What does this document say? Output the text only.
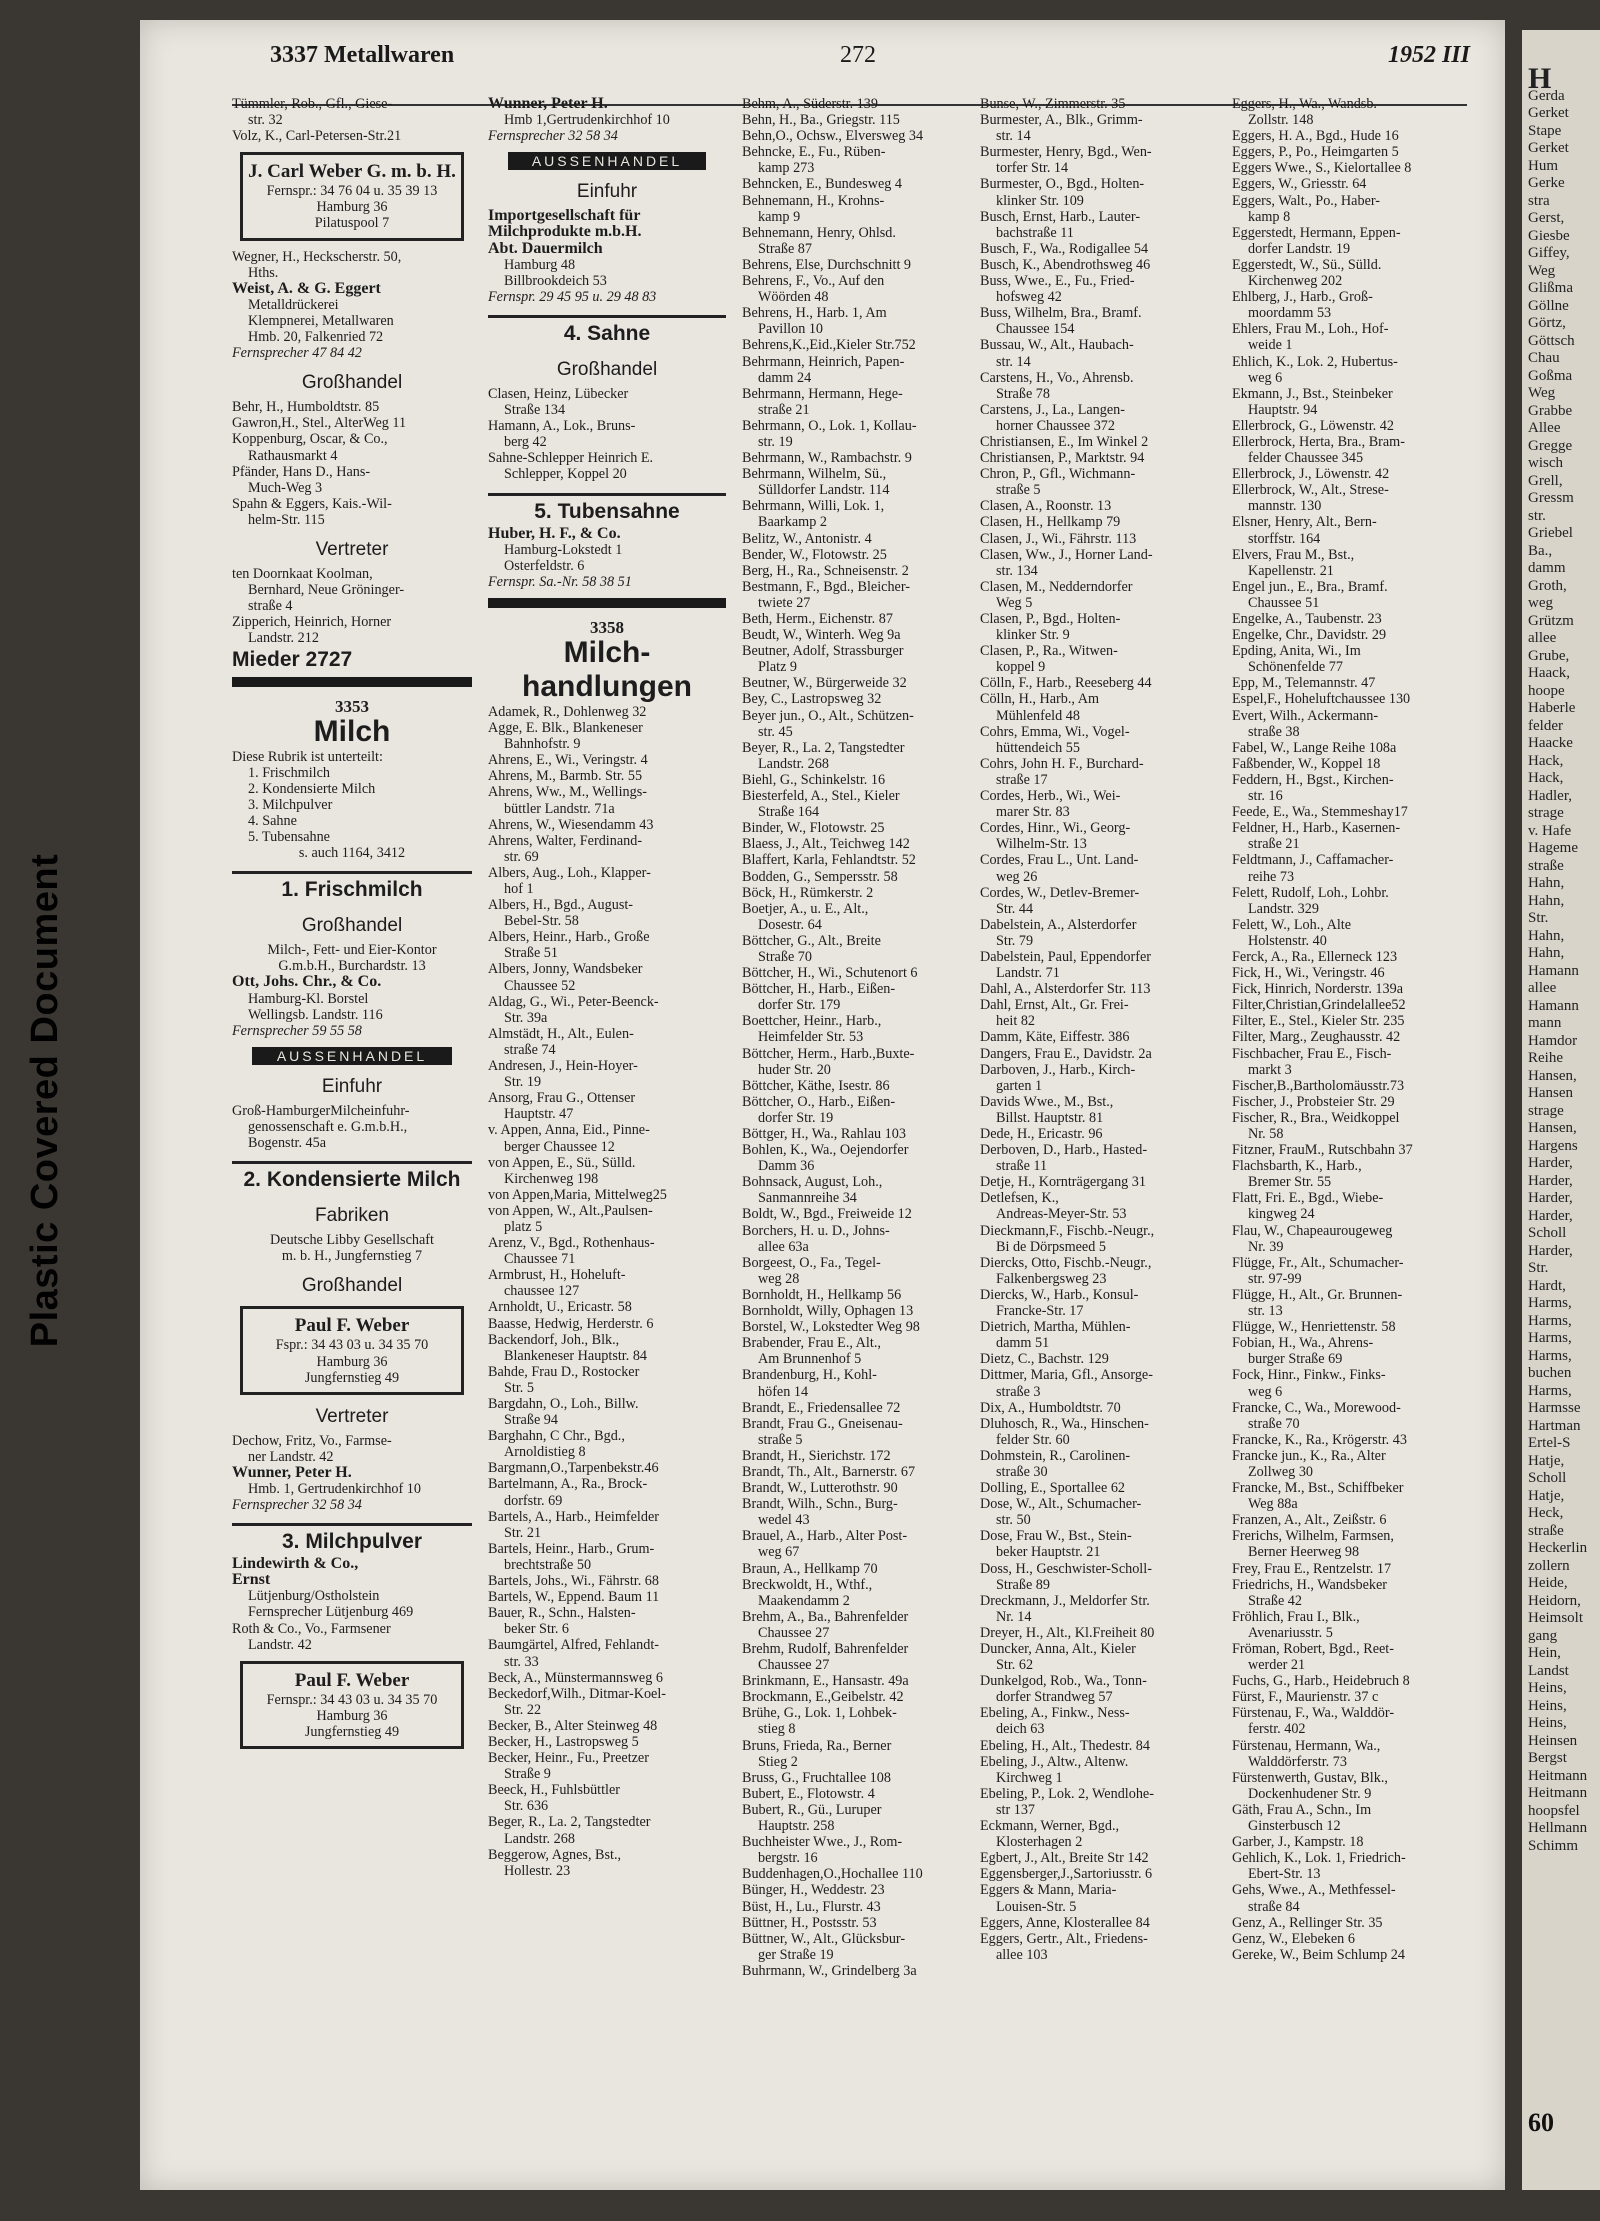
Plastic Covered Document
H
Gerda
Gerket
Stape
Gerket
Hum
Gerke
stra
Gerst,
Giesbe
Giffey,
Weg
Glißma
Göllne
Görtz,
Göttsch
Chau
Goßma
Weg
Grabbe
Allee
Gregge
wisch
Grell,
Gressm
str.
Griebel
Ba.,
damm
Groth,
weg
Grützm
allee
Grube,
Haack,
hoope
Haberle
felder
Haacke
Hack,
Hack,
Hadler,
strage
v. Hafe
Hageme
straße
Hahn,
Hahn,
Str.
Hahn,
Hahn,
Hamann
allee
Hamann
mann
Hamdor
Reihe
Hansen,
Hansen
strage
Hansen,
Hargens
Harder,
Harder,
Harder,
Harder,
Scholl
Harder,
Str.
Hardt,
Harms,
Harms,
Harms,
Harms,
buchen
Harms,
Harmsse
Hartman
Ertel-S
Hatje,
Scholl
Hatje,
Heck,
straße
Heckerlin
zollern
Heide,
Heidorn,
Heimsolt
gang
Hein,
Landst
Heins,
Heins,
Heins,
Heinsen
Bergst
Heitmann
Heitmann
hoopsfel
Hellmann
Schimm
3337 Metallwaren	272	1952 III
Tümmler, Rob., Gfl., Giese-
str. 32
Volz, K., Carl-Petersen-Str.21
J. Carl Weber G. m. b. H.
Fernspr.: 34 76 04 u. 35 39 13
Hamburg 36
Pilatuspool 7
Wegner, H., Heckscherstr. 50,
Hths.
Weist, A. & G. Eggert
Metalldrückerei
Klempnerei, Metallwaren
Hmb. 20, Falkenried 72
Fernsprecher 47 84 42
Großhandel
Behr, H., Humboldtstr. 85
Gawron,H., Stel., AlterWeg 11
Koppenburg, Oscar, & Co.,
Rathausmarkt 4
Pfänder, Hans D., Hans-
Much-Weg 3
Spahn & Eggers, Kais.-Wil-
helm-Str. 115
Vertreter
ten Doornkaat Koolman,
Bernhard, Neue Gröninger-
straße 4
Zipperich, Heinrich, Horner
Landstr. 212
Mieder 2727
3353
Milch
Diese Rubrik ist unterteilt:
1. Frischmilch
2. Kondensierte Milch
3. Milchpulver
4. Sahne
5. Tubensahne
s. auch 1164, 3412
1. Frischmilch
Großhandel
Milch-, Fett- und Eier-Kontor
G.m.b.H., Burchardstr. 13
Ott, Johs. Chr., & Co.
Hamburg-Kl. Borstel
Wellingsb. Landstr. 116
Fernsprecher 59 55 58
AUSSENHANDEL
Einfuhr
Groß-HamburgerMilcheinfuhr-
genossenschaft e. G.m.b.H.,
Bogenstr. 45a
2. Kondensierte Milch
Fabriken
Deutsche Libby Gesellschaft
m. b. H., Jungfernstieg 7
Großhandel
Paul F. Weber
Fspr.: 34 43 03 u. 34 35 70
Hamburg 36
Jungfernstieg 49
Vertreter
Dechow, Fritz, Vo., Farmsе-
ner Landstr. 42
Wunner, Peter H.
Hmb. 1, Gertrudenkirchhof 10
Fernsprecher 32 58 34
3. Milchpulver
Lindewirth & Co.,
Ernst
Lütjenburg/Ostholstein
Fernsprecher Lütjenburg 469
Roth & Co., Vo., Farmsener
Landstr. 42
Paul F. Weber
Fernspr.: 34 43 03 u. 34 35 70
Hamburg 36
Jungfernstieg 49
Wunner, Peter H.
Hmb 1,Gertrudenkirchhof 10
Fernsprecher 32 58 34
AUSSENHANDEL
Einfuhr
Importgesellschaft für
Milchprodukte m.b.H.
Abt. Dauermilch
Hamburg 48
Billbrookdeich 53
Fernspr. 29 45 95 u. 29 48 83
4. Sahne
Großhandel
Clasen, Heinz, Lübecker
Straße 134
Hamann, A., Lok., Bruns-
berg 42
Sahne-Schlepper Heinrich E.
Schlepper, Koppel 20
5. Tubensahne
Huber, H. F., & Co.
Hamburg-Lokstedt 1
Osterfeldstr. 6
Fernspr. Sa.-Nr. 58 38 51
3358
Milch-
handlungen
Adamek, R., Dohlenweg 32
Agge, E. Blk., Blankeneser
Bahnhofstr. 9
Ahrens, E., Wi., Veringstr. 4
Ahrens, M., Barmb. Str. 55
Ahrens, Ww., M., Wellings-
büttler Landstr. 71a
Ahrens, W., Wiesendamm 43
Ahrens, Walter, Ferdinand-
str. 69
Albers, Aug., Loh., Klapper-
hof 1
Albers, H., Bgd., August-
Bebel-Str. 58
Albers, Heinr., Harb., Große
Straße 51
Albers, Jonny, Wandsbeker
Chaussee 52
Aldag, G., Wi., Peter-Beenck-
Str. 39a
Almstädt, H., Alt., Eulen-
straße 74
Andresen, J., Hein-Hoyer-
Str. 19
Ansorg, Frau G., Ottenser
Hauptstr. 47
v. Appen, Anna, Eid., Pinne-
berger Chaussee 12
von Appen, E., Sü., Sülld.
Kirchenweg 198
von Appen,Maria, Mittelweg25
von Appen, W., Alt.,Paulsen-
platz 5
Arenz, V., Bgd., Rothenhaus-
Chaussee 71
Armbrust, H., Hoheluft-
chaussee 127
Arnholdt, U., Ericastr. 58
Baasse, Hedwig, Herderstr. 6
Backendorf, Joh., Blk.,
Blankeneser Hauptstr. 84
Bahde, Frau D., Rostocker
Str. 5
Bargdahn, O., Loh., Billw.
Straße 94
Barghahn, C Chr., Bgd.,
Arnoldistieg 8
Bargmann,O.,Tarpenbekstr.46
Bartelmann, A., Ra., Brock-
dorfstr. 69
Bartels, A., Harb., Heimfelder
Str. 21
Bartels, Heinr., Harb., Grum-
brechtstraße 50
Bartels, Johs., Wi., Fährstr. 68
Bartels, W., Eppend. Baum 11
Bauer, R., Schn., Halsten-
beker Str. 6
Baumgärtel, Alfred, Fehlandt-
str. 33
Beck, A., Münstermannsweg 6
Beckedorf,Wilh., Ditmar-Koel-
Str. 22
Becker, B., Alter Steinweg 48
Becker, H., Lastropsweg 5
Becker, Heinr., Fu., Preetzer
Straße 9
Beeck, H., Fuhlsbüttler
Str. 636
Beger, R., La. 2, Tangstedter
Landstr. 268
Beggerow, Agnes, Bst.,
Hollestr. 23
Behm, A., Süderstr. 139
Behn, H., Ba., Griegstr. 115
Behn,O., Ochsw., Elversweg 34
Behncke, E., Fu., Rüben-
kamp 273
Behncken, E., Bundesweg 4
Behnemann, H., Krohns-
kamp 9
Behnemann, Henry, Ohlsd.
Straße 87
Behrens, Else, Durchschnitt 9
Behrens, F., Vo., Auf den
Wöörden 48
Behrens, H., Harb. 1, Am
Pavillon 10
Behrens,K.,Eid.,Kieler Str.752
Behrmann, Heinrich, Papen-
damm 24
Behrmann, Hermann, Hege-
straße 21
Behrmann, O., Lok. 1, Kollau-
str. 19
Behrmann, W., Rambachstr. 9
Behrmann, Wilhelm, Sü.,
Sülldorfer Landstr. 114
Behrmann, Willi, Lok. 1,
Baarkamp 2
Belitz, W., Antonistr. 4
Bender, W., Flotowstr. 25
Berg, H., Ra., Schneisenstr. 2
Bestmann, F., Bgd., Bleicher-
twiete 27
Beth, Herm., Eichenstr. 87
Beudt, W., Winterh. Weg 9a
Beutner, Adolf, Strassburger
Platz 9
Beutner, W., Bürgerweide 32
Bey, C., Lastropsweg 32
Beyer jun., O., Alt., Schützen-
str. 45
Beyer, R., La. 2, Tangstedter
Landstr. 268
Biehl, G., Schinkelstr. 16
Biesterfeld, A., Stel., Kieler
Straße 164
Binder, W., Flotowstr. 25
Blaess, J., Alt., Teichweg 142
Blaffert, Karla, Fehlandtstr. 52
Bodden, G., Sempersstr. 58
Böck, H., Rümkerstr. 2
Boetjer, A., u. E., Alt.,
Dosestr. 64
Böttcher, G., Alt., Breite
Straße 70
Böttcher, H., Wi., Schutenort 6
Böttcher, H., Harb., Eißen-
dorfer Str. 179
Boettcher, Heinr., Harb.,
Heimfelder Str. 53
Böttcher, Herm., Harb.,Buxte-
huder Str. 20
Böttcher, Käthe, Isestr. 86
Böttcher, O., Harb., Eißen-
dorfer Str. 19
Böttger, H., Wa., Rahlau 103
Bohlen, K., Wa., Oejendorfer
Damm 36
Bohnsack, August, Loh.,
Sanmannreihe 34
Boldt, W., Bgd., Freiweide 12
Borchers, H. u. D., Johns-
allee 63a
Borgeest, O., Fa., Tegel-
weg 28
Bornholdt, H., Hellkamp 56
Bornholdt, Willy, Ophagen 13
Borstel, W., Lokstedter Weg 98
Brabender, Frau E., Alt.,
Am Brunnenhof 5
Brandenburg, H., Kohl-
höfen 14
Brandt, E., Friedensallee 72
Brandt, Frau G., Gneisenau-
straße 5
Brandt, H., Sierichstr. 172
Brandt, Th., Alt., Barnerstr. 67
Brandt, W., Lutterothstr. 90
Brandt, Wilh., Schn., Burg-
wedel 43
Brauel, A., Harb., Alter Post-
weg 67
Braun, A., Hellkamp 70
Breckwoldt, H., Wthf.,
Maakendamm 2
Brehm, A., Ba., Bahrenfelder
Chaussee 27
Brehm, Rudolf, Bahrenfelder
Chaussee 27
Brinkmann, E., Hansastr. 49a
Brockmann, E.,Geibelstr. 42
Brühe, G., Lok. 1, Lohbek-
stieg 8
Bruns, Frieda, Ra., Berner
Stieg 2
Bruss, G., Fruchtallee 108
Bubert, E., Flotowstr. 4
Bubert, R., Gü., Luruper
Hauptstr. 258
Buchheister Wwe., J., Rom-
bergstr. 16
Buddenhagen,O.,Hochallee 110
Bünger, H., Weddestr. 23
Büst, H., Lu., Flurstr. 43
Büttner, H., Postsstr. 53
Büttner, W., Alt., Glücksbur-
ger Straße 19
Buhrmann, W., Grindelberg 3a
Bunse, W., Zimmerstr. 35
Burmester, A., Blk., Grimm-
str. 14
Burmester, Henry, Bgd., Wen-
torfer Str. 14
Burmester, O., Bgd., Holten-
klinker Str. 109
Busch, Ernst, Harb., Lauter-
bachstraße 11
Busch, F., Wa., Rodigallee 54
Busch, K., Abendrothsweg 46
Buss, Wwe., E., Fu., Fried-
hofsweg 42
Buss, Wilhelm, Bra., Bramf.
Chaussee 154
Bussau, W., Alt., Haubach-
str. 14
Carstens, H., Vo., Ahrensb.
Straße 78
Carstens, J., La., Langen-
horner Chaussee 372
Christiansen, E., Im Winkel 2
Christiansen, P., Marktstr. 94
Chron, P., Gfl., Wichmann-
straße 5
Clasen, A., Roonstr. 13
Clasen, H., Hellkamp 79
Clasen, J., Wi., Fährstr. 113
Clasen, Ww., J., Horner Land-
str. 134
Clasen, M., Nedderndorfer
Weg 5
Clasen, P., Bgd., Holten-
klinker Str. 9
Clasen, P., Ra., Witwen-
koppel 9
Cölln, F., Harb., Reeseberg 44
Cölln, H., Harb., Am
Mühlenfeld 48
Cohrs, Emma, Wi., Vogel-
hüttendeich 55
Cohrs, John H. F., Burchard-
straße 17
Cordes, Herb., Wi., Wei-
marer Str. 83
Cordes, Hinr., Wi., Georg-
Wilhelm-Str. 13
Cordes, Frau L., Unt. Land-
weg 26
Cordes, W., Detlev-Bremer-
Str. 44
Dabelstein, A., Alsterdorfer
Str. 79
Dabelstein, Paul, Eppendorfer
Landstr. 71
Dahl, A., Alsterdorfer Str. 113
Dahl, Ernst, Alt., Gr. Frei-
heit 82
Damm, Käte, Eiffestr. 386
Dangers, Frau E., Davidstr. 2a
Darboven, J., Harb., Kirch-
garten 1
Davids Wwe., M., Bst.,
Billst. Hauptstr. 81
Dede, H., Ericastr. 96
Derboven, D., Harb., Hasted-
straße 11
Detje, H., Kornträgergang 31
Detlefsen, K.,
Andreas-Meyer-Str. 53
Dieckmann,F., Fischb.-Neugr.,
Bi de Dörpsmeed 5
Diercks, Otto, Fischb.-Neugr.,
Falkenbergsweg 23
Diercks, W., Harb., Konsul-
Francke-Str. 17
Dietrich, Martha, Mühlen-
damm 51
Dietz, C., Bachstr. 129
Dittmer, Maria, Gfl., Ansorge-
straße 3
Dix, A., Humboldtstr. 70
Dluhosch, R., Wa., Hinschen-
felder Str. 60
Dohmstein, R., Carolinen-
straße 30
Dolling, E., Sportallee 62
Dose, W., Alt., Schumacher-
str. 50
Dose, Frau W., Bst., Stein-
beker Hauptstr. 21
Doss, H., Geschwister-Scholl-
Straße 89
Dreckmann, J., Meldorfer Str.
Nr. 14
Dreyer, H., Alt., Kl.Freiheit 80
Duncker, Anna, Alt., Kieler
Str. 62
Dunkelgod, Rob., Wa., Tonn-
dorfer Strandweg 57
Ebeling, A., Finkw., Ness-
deich 63
Ebeling, H., Alt., Thedestr. 84
Ebeling, J., Altw., Altenw.
Kirchweg 1
Ebeling, P., Lok. 2, Wendlohe-
str 137
Eckmann, Werner, Bgd.,
Klosterhagen 2
Egbert, J., Alt., Breite Str 142
Eggensberger,J.,Sartoriusstr. 6
Eggers & Mann, Maria-
Louisen-Str. 5
Eggers, Anne, Klosterallee 84
Eggers, Gertr., Alt., Friedens-
allee 103
Eggers, H., Wa., Wandsb.
Zollstr. 148
Eggers, H. A., Bgd., Hude 16
Eggers, P., Po., Heimgarten 5
Eggers Wwe., S., Kielortallee 8
Eggers, W., Griesstr. 64
Eggers, Walt., Po., Haber-
kamp 8
Eggerstedt, Hermann, Eppen-
dorfer Landstr. 19
Eggerstedt, W., Sü., Sülld.
Kirchenweg 202
Ehlberg, J., Harb., Groß-
moordamm 53
Ehlers, Frau M., Loh., Hof-
weide 1
Ehlich, K., Lok. 2, Hubertus-
weg 6
Ekmann, J., Bst., Steinbeker
Hauptstr. 94
Ellerbrock, G., Löwenstr. 42
Ellerbrock, Herta, Bra., Bram-
felder Chaussee 345
Ellerbrock, J., Löwenstr. 42
Ellerbrock, W., Alt., Strese-
mannstr. 130
Elsner, Henry, Alt., Bern-
storffstr. 164
Elvers, Frau M., Bst.,
Kapellenstr. 21
Engel jun., E., Bra., Bramf.
Chaussee 51
Engelke, A., Taubenstr. 23
Engelke, Chr., Davidstr. 29
Epding, Anita, Wi., Im
Schönenfelde 77
Epp, M., Telemannstr. 47
Espel,F., Hoheluftchaussee 130
Evert, Wilh., Ackermann-
straße 38
Fabel, W., Lange Reihe 108a
Faßbender, W., Koppel 18
Feddern, H., Bgst., Kirchen-
str. 16
Feede, E., Wa., Stemmeshay17
Feldner, H., Harb., Kasernen-
straße 21
Feldtmann, J., Caffamacher-
reihe 73
Felett, Rudolf, Loh., Lohbr.
Landstr. 329
Felett, W., Loh., Alte
Holstenstr. 40
Ferck, A., Ra., Ellerneck 123
Fick, H., Wi., Veringstr. 46
Fick, Hinrich, Norderstr. 139a
Filter,Christian,Grindelallee52
Filter, E., Stel., Kieler Str. 235
Filter, Marg., Zeughausstr. 42
Fischbacher, Frau E., Fisch-
markt 3
Fischer,B.,Bartholomäusstr.73
Fischer, J., Probsteier Str. 29
Fischer, R., Bra., Weidkoppel
Nr. 58
Fitzner, FrauM., Rutschbahn 37
Flachsbarth, K., Harb.,
Bremer Str. 55
Flatt, Fri. E., Bgd., Wiebe-
kingweg 24
Flau, W., Chapeaurougeweg
Nr. 39
Flügge, Fr., Alt., Schumacher-
str. 97-99
Flügge, H., Alt., Gr. Brunnen-
str. 13
Flügge, W., Henriettenstr. 58
Fobian, H., Wa., Ahrens-
burger Straße 69
Fock, Hinr., Finkw., Finks-
weg 6
Francke, C., Wa., Morewood-
straße 70
Francke, K., Ra., Krögerstr. 43
Francke jun., K., Ra., Alter
Zollweg 30
Francke, M., Bst., Schiffbeker
Weg 88a
Franzen, A., Alt., Zeißstr. 6
Frerichs, Wilhelm, Farmsen,
Berner Heerweg 98
Frey, Frau E., Rentzelstr. 17
Friedrichs, H., Wandsbeker
Straße 42
Fröhlich, Frau I., Blk.,
Avenariusstr. 5
Fröman, Robert, Bgd., Reet-
werder 21
Fuchs, G., Harb., Heidebruch 8
Fürst, F., Maurienstr. 37 c
Fürstenau, F., Wa., Walddör-
ferstr. 402
Fürstenau, Hermann, Wa.,
Walddörferstr. 73
Fürstenwerth, Gustav, Blk.,
Dockenhudener Str. 9
Gäth, Frau A., Schn., Im
Ginsterbusch 12
Garber, J., Kampstr. 18
Gehlich, K., Lok. 1, Friedrich-
Ebert-Str. 13
Gehs, Wwe., A., Methfessel-
straße 84
Genz, A., Rellinger Str. 35
Genz, W., Elebeken 6
Gereke, W., Beim Schlump 24
60
